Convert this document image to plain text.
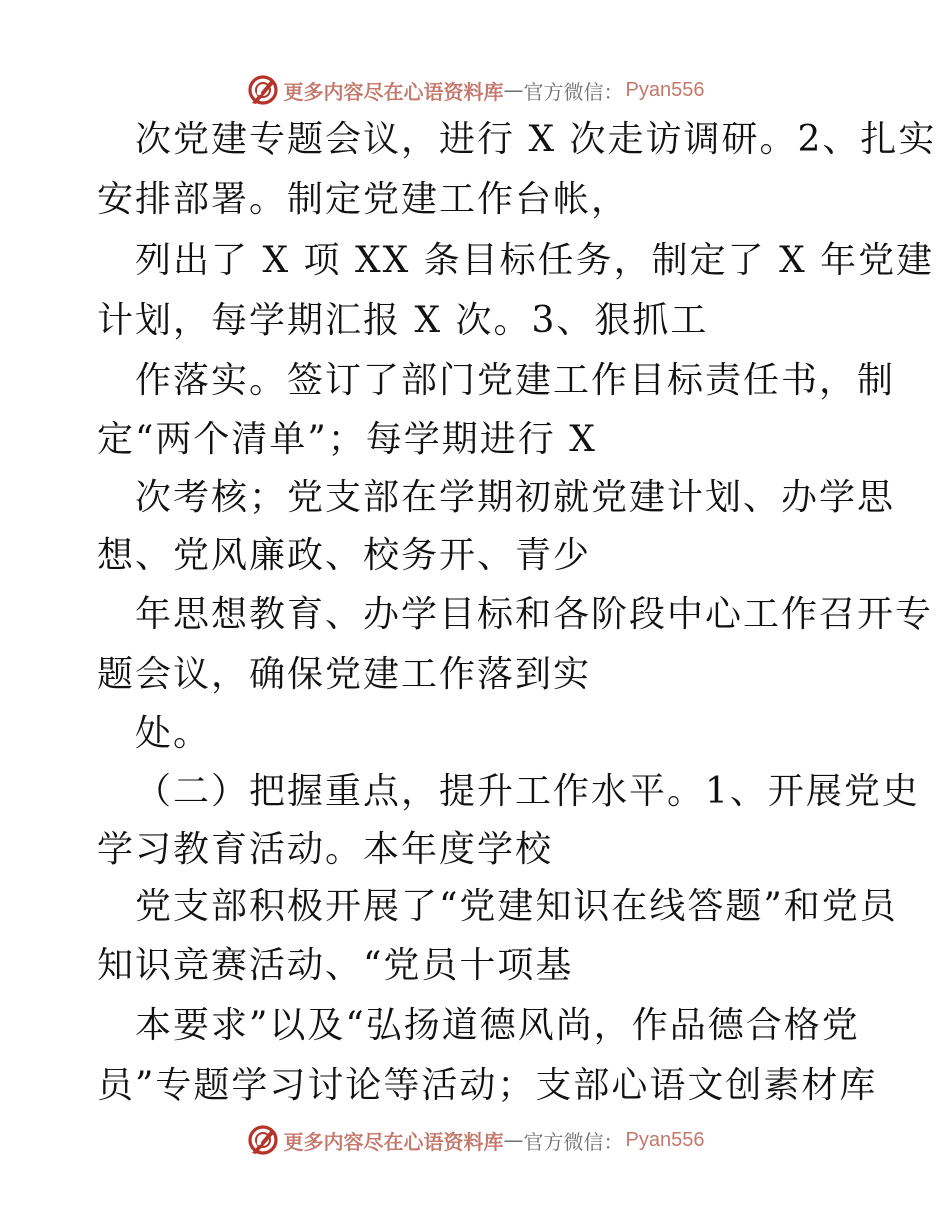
更多内容尽在心语资料库 — 官方微信： Pyan556
次党建专题会议，进行 X 次走访调研。2、扎实
安排部署。制定党建工作台帐，
列出了 X 项 XX 条目标任务，制定了 X 年党建
计划，每学期汇报 X 次。3、狠抓工
作落实。签订了部门党建工作目标责任书，制
定“两个清单”；每学期进行 X
次考核；党支部在学期初就党建计划、办学思
想、党风廉政、校务开、青少
年思想教育、办学目标和各阶段中心工作召开专
题会议，确保党建工作落到实
处。
（二）把握重点，提升工作水平。1、开展党史
学习教育活动。本年度学校
党支部积极开展了“党建知识在线答题”和党员
知识竞赛活动、“党员十项基
本要求”以及“弘扬道德风尚，作品德合格党
员”专题学习讨论等活动；支部心语文创素材库
更多内容尽在心语资料库 — 官方微信： Pyan556
